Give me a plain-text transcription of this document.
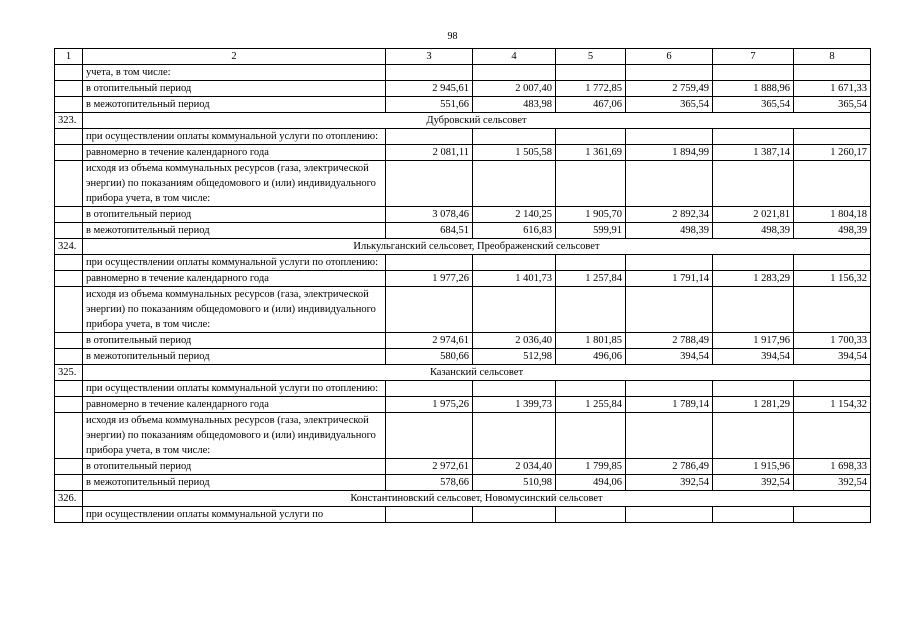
98
1	2	3	4	5	6	7	8
	учета, в том числе:						
	в отопительный период	2 945,61	2 007,40	1 772,85	2 759,49	1 888,96	1 671,33
	в межотопительный период	551,66	483,98	467,06	365,54	365,54	365,54
323.	Дубровский сельсовет						
	при осуществлении оплаты коммунальной услуги по отоплению:						
	равномерно в течение календарного года	2 081,11	1 505,58	1 361,69	1 894,99	1 387,14	1 260,17
	исходя из объема коммунальных ресурсов (газа, электрической энергии) по показаниям общедомового и (или) индивидуального прибора учета, в том числе:						
	в отопительный период	3 078,46	2 140,25	1 905,70	2 892,34	2 021,81	1 804,18
	в межотопительный период	684,51	616,83	599,91	498,39	498,39	498,39
324.	Илькульганский сельсовет, Преображенский сельсовет						
	при осуществлении оплаты коммунальной услуги по отоплению:						
	равномерно в течение календарного года	1 977,26	1 401,73	1 257,84	1 791,14	1 283,29	1 156,32
	исходя из объема коммунальных ресурсов (газа, электрической энергии) по показаниям общедомового и (или) индивидуального прибора учета, в том числе:						
	в отопительный период	2 974,61	2 036,40	1 801,85	2 788,49	1 917,96	1 700,33
	в межотопительный период	580,66	512,98	496,06	394,54	394,54	394,54
325.	Казанский сельсовет						
	при осуществлении оплаты коммунальной услуги по отоплению:						
	равномерно в течение календарного года	1 975,26	1 399,73	1 255,84	1 789,14	1 281,29	1 154,32
	исходя из объема коммунальных ресурсов (газа, электрической энергии) по показаниям общедомового и (или) индивидуального прибора учета, в том числе:						
	в отопительный период	2 972,61	2 034,40	1 799,85	2 786,49	1 915,96	1 698,33
	в межотопительный период	578,66	510,98	494,06	392,54	392,54	392,54
326.	Константиновский сельсовет, Новомусинский сельсовет						
	при осуществлении оплаты коммунальной услуги по						
